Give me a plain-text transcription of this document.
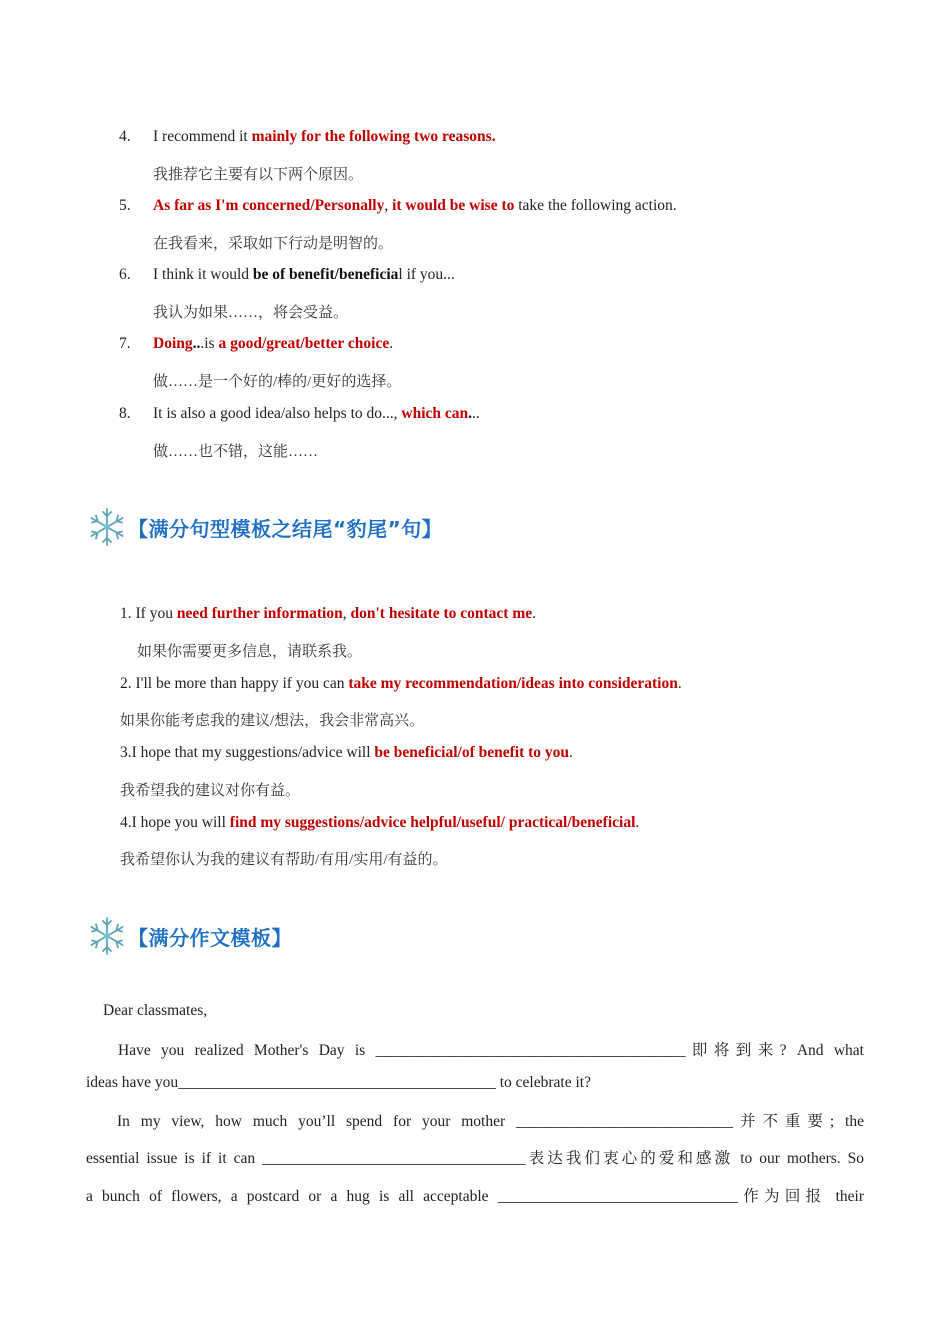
4. I recommend it mainly for the following two reasons.
我推荐它主要有以下两个原因。
5. As far as I'm concerned/Personally, it would be wise to take the following action.
在我看来，采取如下行动是明智的。
6. I think it would be of benefit/beneficial if you...
我认为如果……，将会受益。
7. Doing...is a good/great/better choice.
做……是一个好的/棒的/更好的选择。
8. It is also a good idea/also helps to do..., which can...
做……也不错，这能……
【满分句型模板之结尾“豹尾”句】
1. If you need further information, don't hesitate to contact me.
如果你需要更多信息，请联系我。
2. I'll be more than happy if you can take my recommendation/ideas into consideration.
如果你能考虑我的建议/想法，我会非常高兴。
3.I hope that my suggestions/advice will be beneficial/of benefit to you.
我希望我的建议对你有益。
4.I hope you will find my suggestions/advice helpful/useful/ practical/beneficial.
我希望你认为我的建议有帮助/有用/实用/有益的。
【满分作文模板】
Dear classmates,
Have you realized Mother's Day is ________________________________________即将到来? And what
ideas have you_________________________________________ to celebrate it?
In my view, how much you’ll spend for your mother ____________________________并不重要; the
essential issue is if it can __________________________________表达我们衷心的爱和感激 to our mothers. So
a bunch of flowers, a postcard or a hug is all acceptable _______________________________作为回报 their
